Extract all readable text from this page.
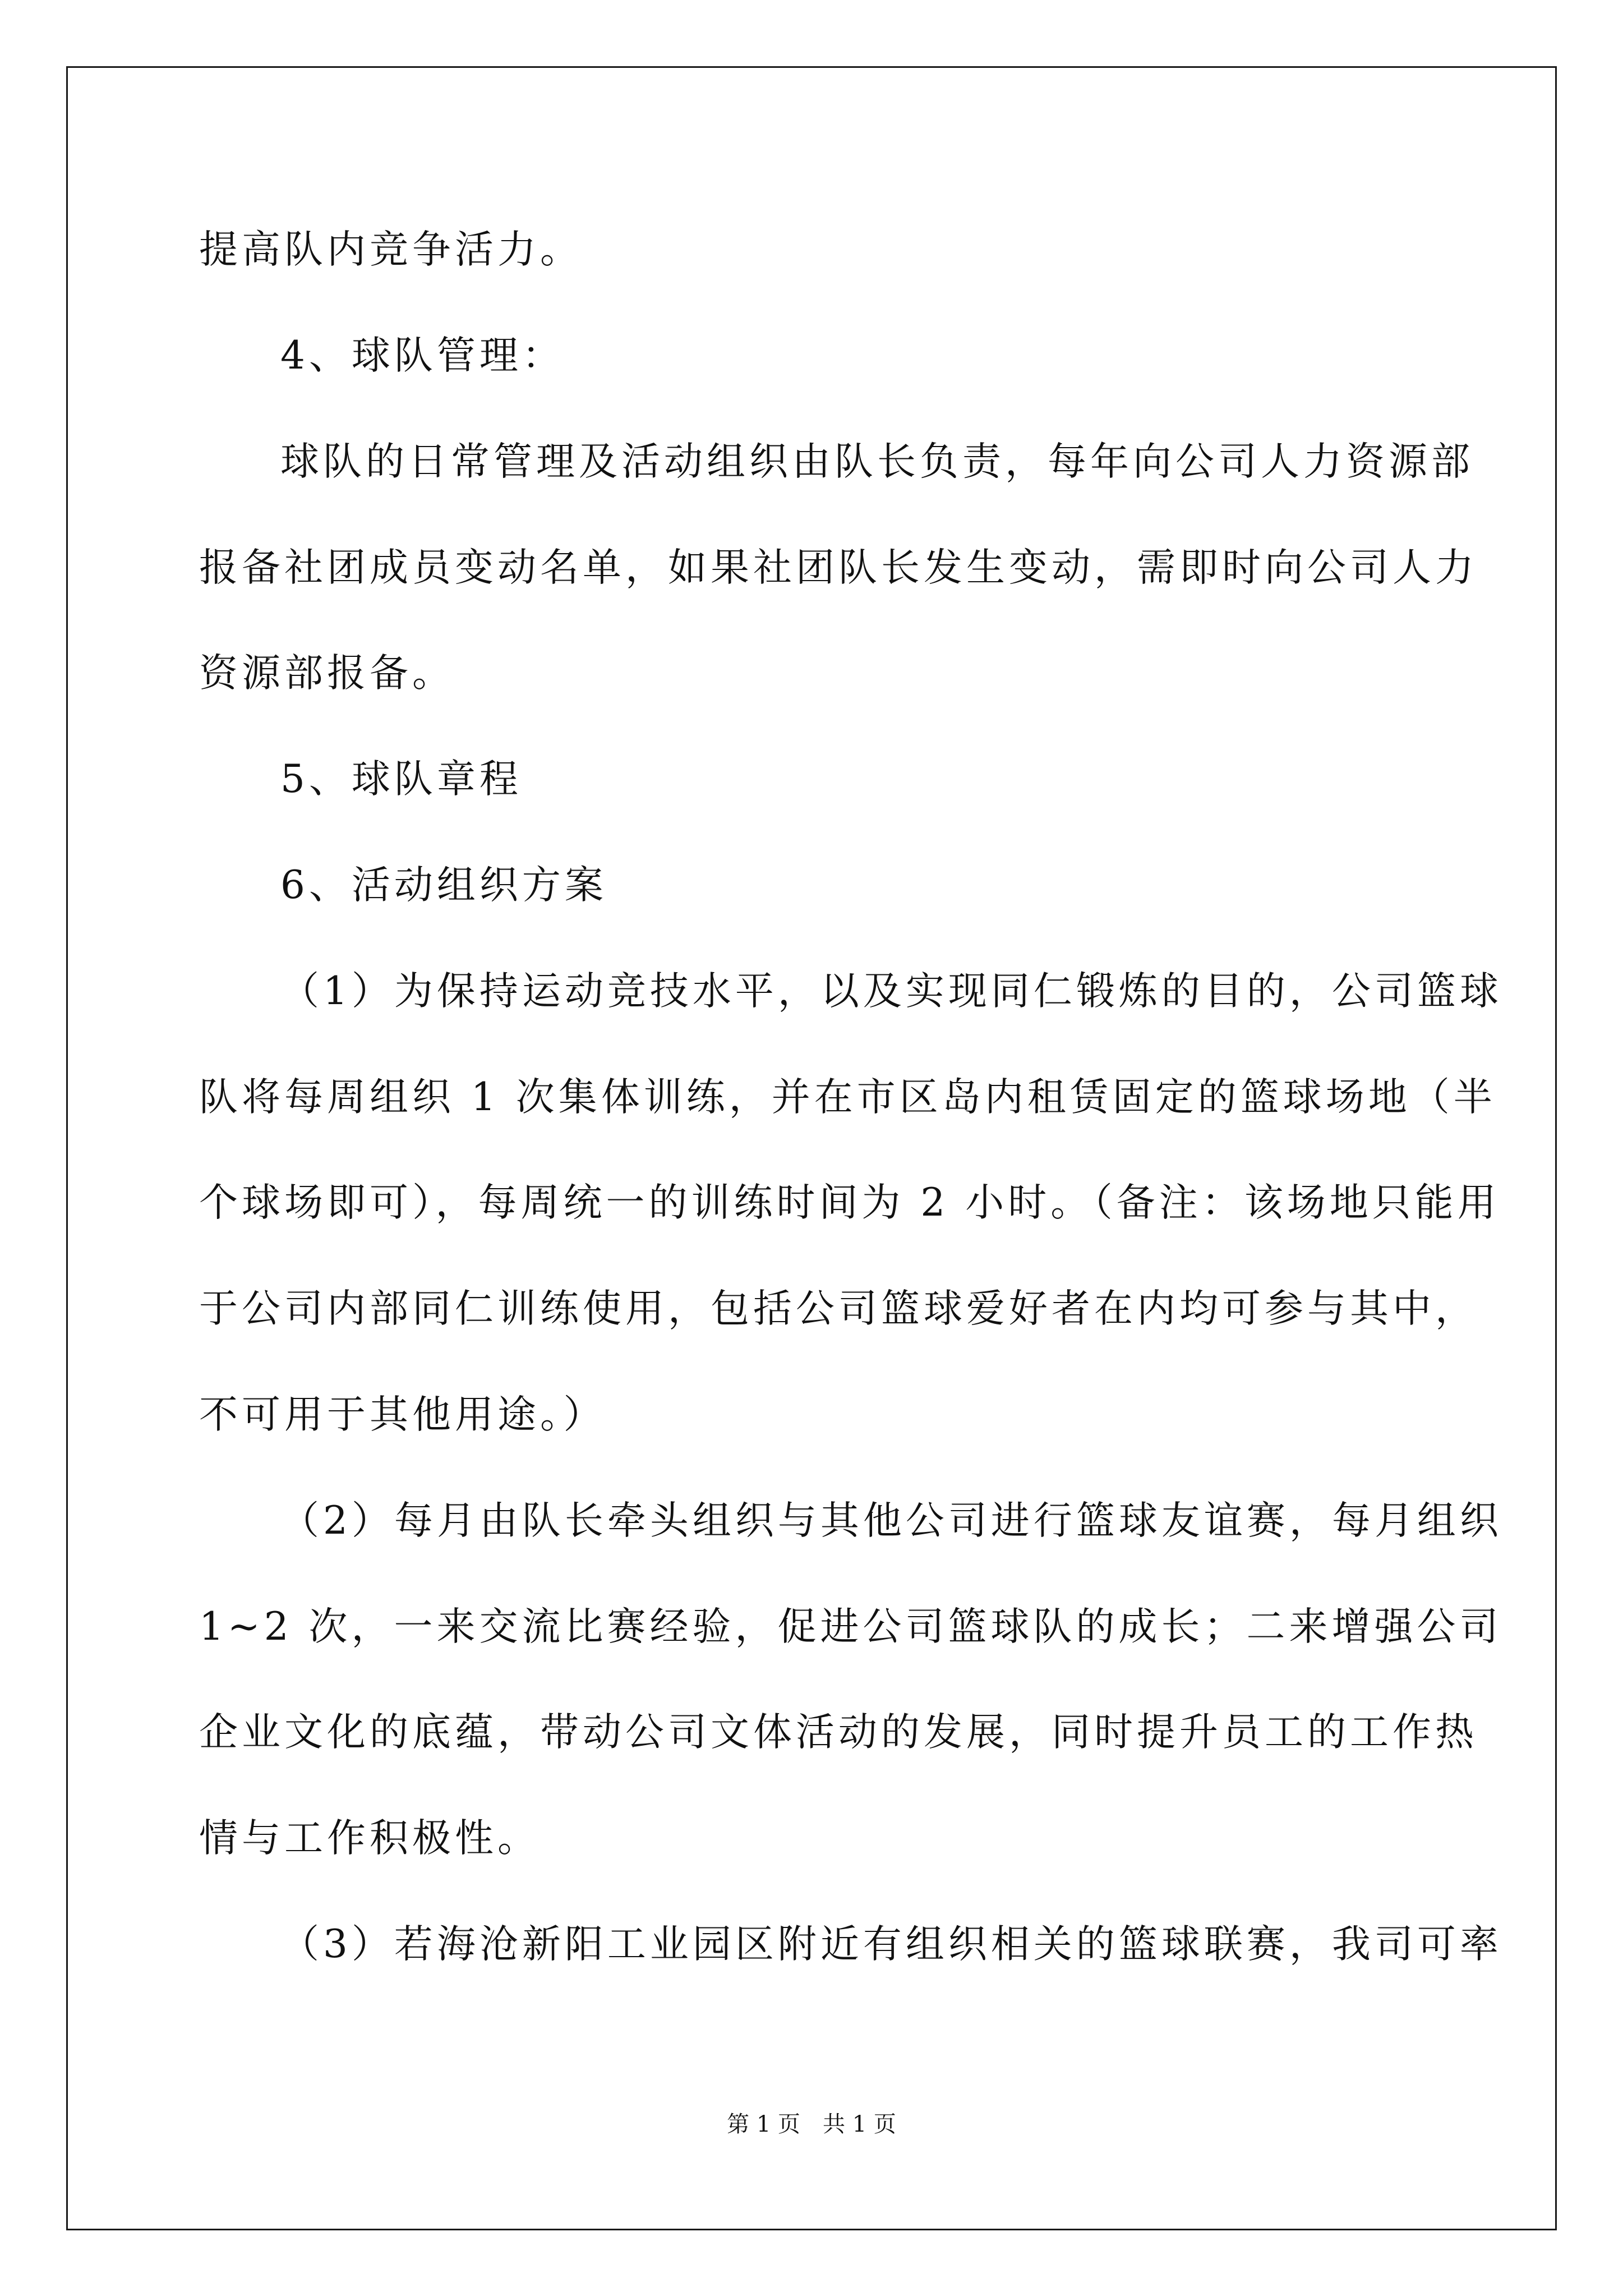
提高队内竞争活力。
4、球队管理：
球队的日常管理及活动组织由队长负责，每年向公司人力资源部
报备社团成员变动名单，如果社团队长发生变动，需即时向公司人力
资源部报备。
5、球队章程
6、活动组织方案
（1）为保持运动竞技水平，以及实现同仁锻炼的目的，公司篮球
队将每周组织 1 次集体训练，并在市区岛内租赁固定的篮球场地（半
个球场即可），每周统一的训练时间为 2 小时。（备注：该场地只能用
于公司内部同仁训练使用，包括公司篮球爱好者在内均可参与其中，
不可用于其他用途。）
（2）每月由队长牵头组织与其他公司进行篮球友谊赛，每月组织
1~2 次，一来交流比赛经验，促进公司篮球队的成长；二来增强公司
企业文化的底蕴，带动公司文体活动的发展，同时提升员工的工作热
情与工作积极性。
（3）若海沧新阳工业园区附近有组织相关的篮球联赛，我司可率
第 1 页　共 1 页
